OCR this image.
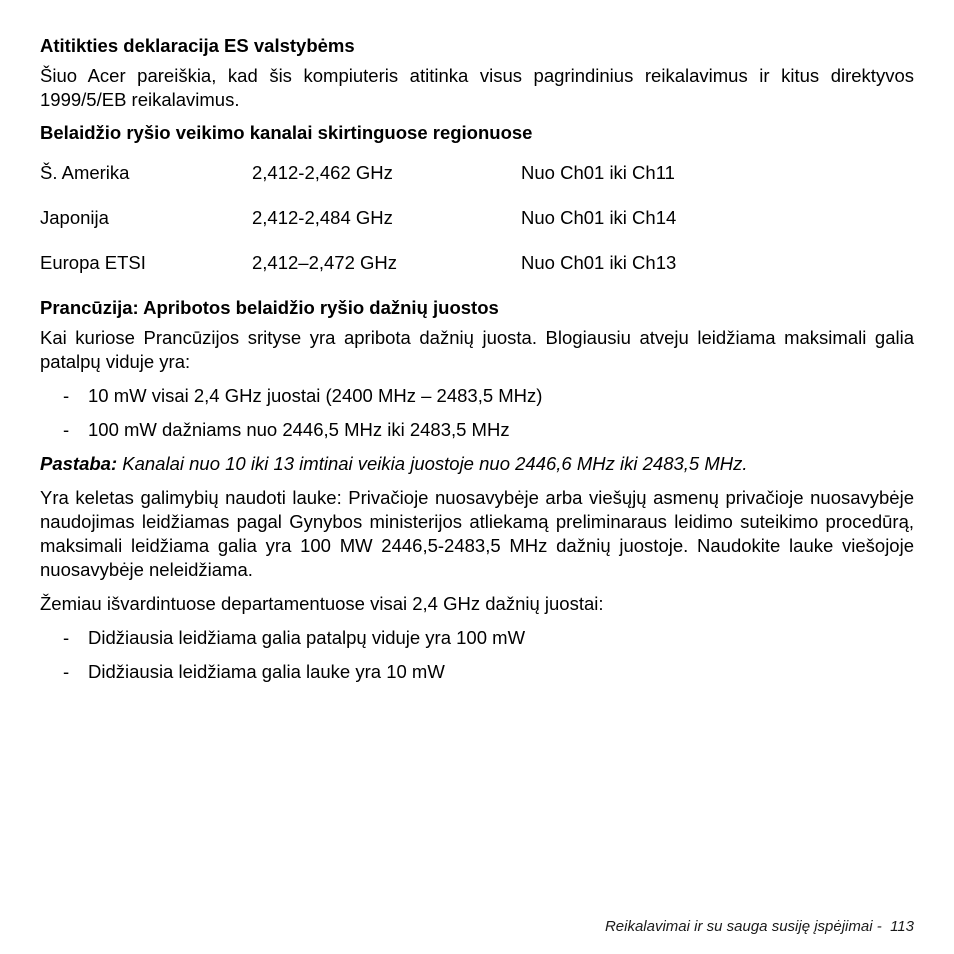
Atitikties deklaracija ES valstybėms

Šiuo Acer pareiškia, kad šis kompiuteris atitinka visus pagrindinius reikalavimus ir kitus direktyvos 1999/5/EB reikalavimus.

Belaidžio ryšio veikimo kanalai skirtinguose regionuose
Š. Amerika	2,412-2,462 GHz	Nuo Ch01 iki Ch11
Japonija	2,412-2,484 GHz	Nuo Ch01 iki Ch14
Europa ETSI	2,412–2,472 GHz	Nuo Ch01 iki Ch13
Prancūzija: Apribotos belaidžio ryšio dažnių juostos

Kai kuriose Prancūzijos srityse yra apribota dažnių juosta. Blogiausiu atveju leidžiama maksimali galia patalpų viduje yra:

- 10 mW visai 2,4 GHz juostai (2400 MHz – 2483,5 MHz)
- 100 mW dažniams nuo 2446,5 MHz iki 2483,5 MHz

Pastaba: Kanalai nuo 10 iki 13 imtinai veikia juostoje nuo 2446,6 MHz iki 2483,5 MHz.

Yra keletas galimybių naudoti lauke: Privačioje nuosavybėje arba viešųjų asmenų privačioje nuosavybėje naudojimas leidžiamas pagal Gynybos ministerijos atliekamą preliminaraus leidimo suteikimo procedūrą, maksimali leidžiama galia yra 100 MW 2446,5-2483,5 MHz dažnių juostoje. Naudokite lauke viešojoje nuosavybėje neleidžiama.

Žemiau išvardintuose departamentuose visai 2,4 GHz dažnių juostai:

- Didžiausia leidžiama galia patalpų viduje yra 100 mW
- Didžiausia leidžiama galia lauke yra 10 mW
Reikalavimai ir su sauga susiję įspėjimai - 113
